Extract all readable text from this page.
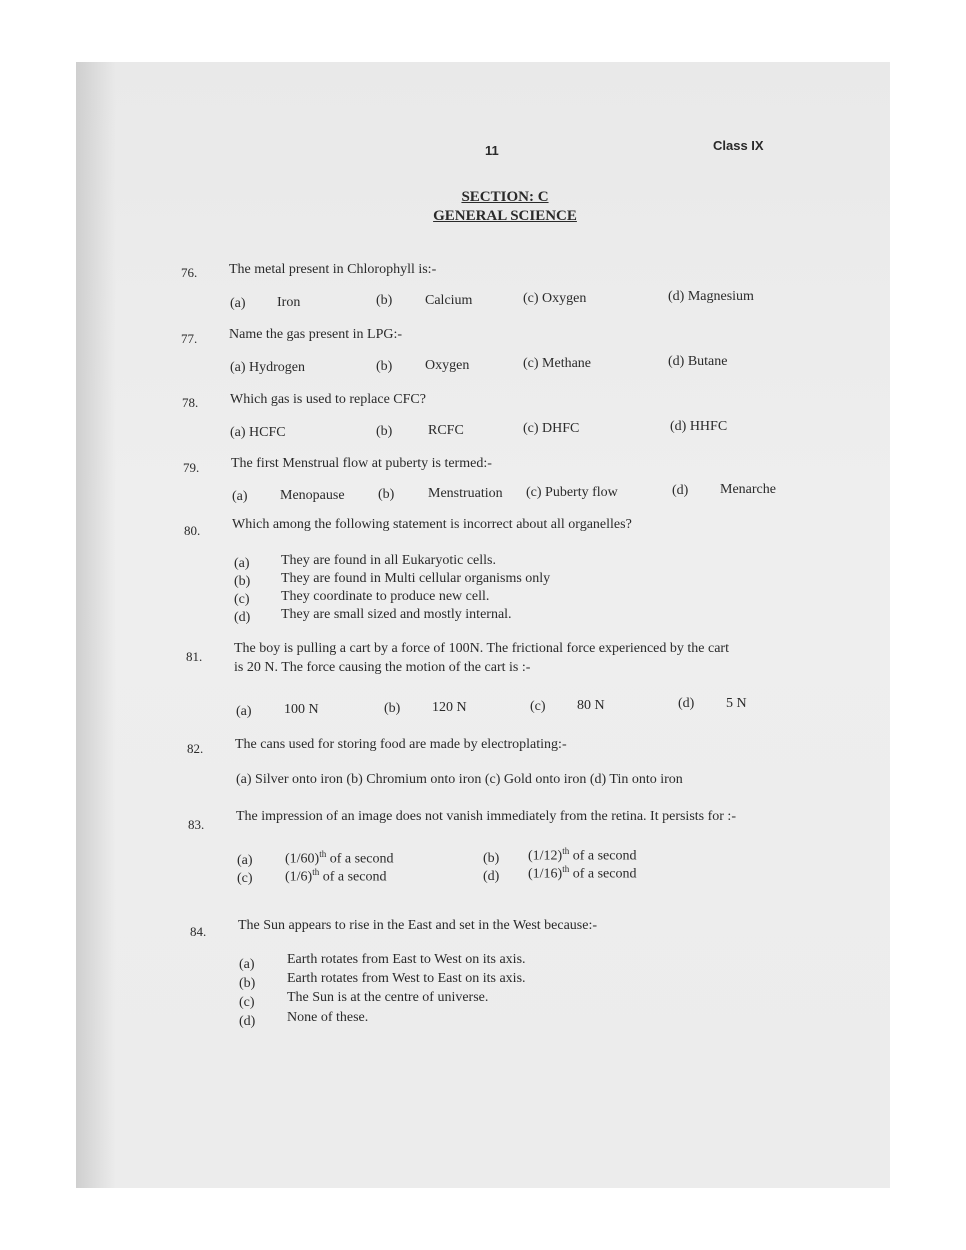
11	Class IX
SECTION: C
GENERAL SCIENCE
76. The metal present in Chlorophyll is:-
(a) Iron	(b) Calcium	(c) Oxygen	(d) Magnesium
77. Name the gas present in LPG:-
(a) Hydrogen	(b) Oxygen	(c) Methane	(d) Butane
78. Which gas is used to replace CFC?
(a) HCFC	(b)	RCFC	(c) DHFC	(d) HHFC
79. The first Menstrual flow at puberty is termed:-
(a) Menopause (b) Menstruation (c) Puberty flow	(d) Menarche
80. Which among the following statement is incorrect about all organelles?
(a) They are found in all Eukaryotic cells.
(b) They are found in Multi cellular organisms only
(c) They coordinate to produce new cell.
(d) They are small sized and mostly internal.
81.
The boy is pulling a cart by a force of 100N. The frictional force experienced by the cart
is 20 N. The force causing the motion of the cart is :-
(a) 100 N	(b) 120 N	(c) 80 N	(d) 5 N
82. The cans used for storing food are made by electroplating:-
(a) Silver onto iron (b) Chromium onto iron (c) Gold onto iron (d) Tin onto iron
83.
The impression of an image does not vanish immediately from the retina. It persists for :-
(a) $(1/60)^{th}$ of a second	(b) $(1/12)^{th}$ of a second
(c) $(1/6)^{th}$ of a second	(d) $(1/16)^{th}$ of a second
84. The Sun appears to rise in the East and set in the West because:-
(a) Earth rotates from East to West on its axis.
(b) Earth rotates from West to East on its axis.
(c) The Sun is at the centre of universe.
(d) None of these.
